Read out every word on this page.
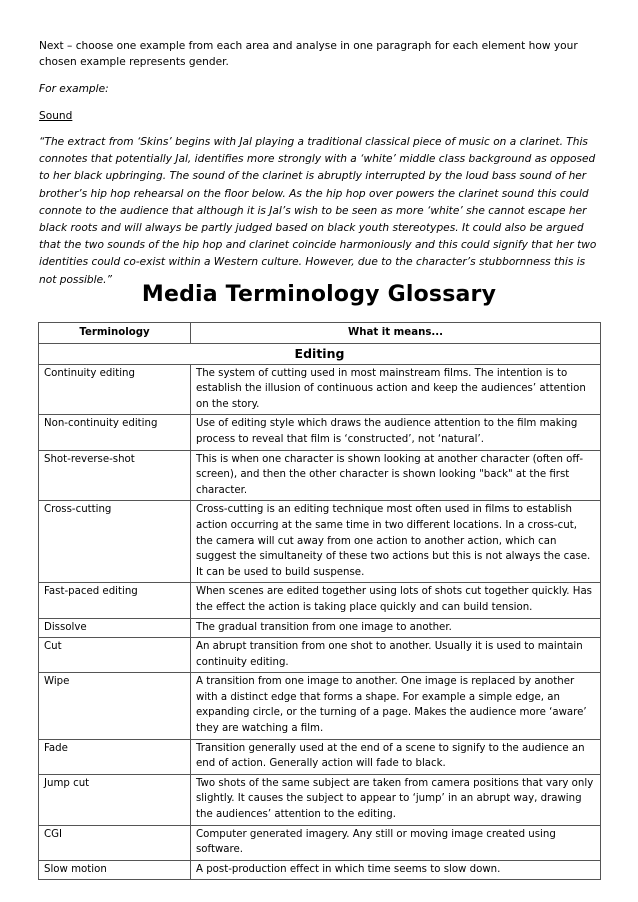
Next – choose one example from each area and analyse in one paragraph for each element how your chosen example represents gender.

For example:

Sound

“The extract from ‘Skins’ begins with Jal playing a traditional classical piece of music on a clarinet. This connotes that potentially Jal, identifies more strongly with a ‘white’ middle class background as opposed to her black upbringing. The sound of the clarinet is abruptly interrupted by the loud bass sound of her brother’s hip hop rehearsal on the floor below. As the hip hop over powers the clarinet sound this could connote to the audience that although it is Jal’s wish to be seen as more ‘white’ she cannot escape her black roots and will always be partly judged based on black youth stereotypes. It could also be argued that the two sounds of the hip hop and clarinet coincide harmoniously and this could signify that her two identities could co-exist within a Western culture. However, due to the character’s stubbornness this is not possible.”

Media Terminology Glossary
Terminology	What it means...
Editing	
Continuity editing	The system of cutting used in most mainstream films. The intention is to establish the illusion of continuous action and keep the audiences’ attention on the story.
Non-continuity editing	Use of editing style which draws the audience attention to the film making process to reveal that film is ‘constructed’, not ‘natural’.
Shot-reverse-shot	This is when one character is shown looking at another character (often off-screen), and then the other character is shown looking "back" at the first character.
Cross-cutting	Cross-cutting is an editing technique most often used in films to establish action occurring at the same time in two different locations. In a cross-cut, the camera will cut away from one action to another action, which can suggest the simultaneity of these two actions but this is not always the case. It can be used to build suspense.
Fast-paced editing	When scenes are edited together using lots of shots cut together quickly. Has the effect the action is taking place quickly and can build tension.
Dissolve	The gradual transition from one image to another.
Cut	An abrupt transition from one shot to another. Usually it is used to maintain continuity editing.
Wipe	A transition from one image to another. One image is replaced by another with a distinct edge that forms a shape. For example a simple edge, an expanding circle, or the turning of a page. Makes the audience more ‘aware’ they are watching a film.
Fade	Transition generally used at the end of a scene to signify to the audience an end of action. Generally action will fade to black.
Jump cut	Two shots of the same subject are taken from camera positions that vary only slightly. It causes the subject to appear to ‘jump’ in an abrupt way, drawing the audiences’ attention to the editing.
CGI	Computer generated imagery. Any still or moving image created using software.
Slow motion	A post-production effect in which time seems to slow down.
